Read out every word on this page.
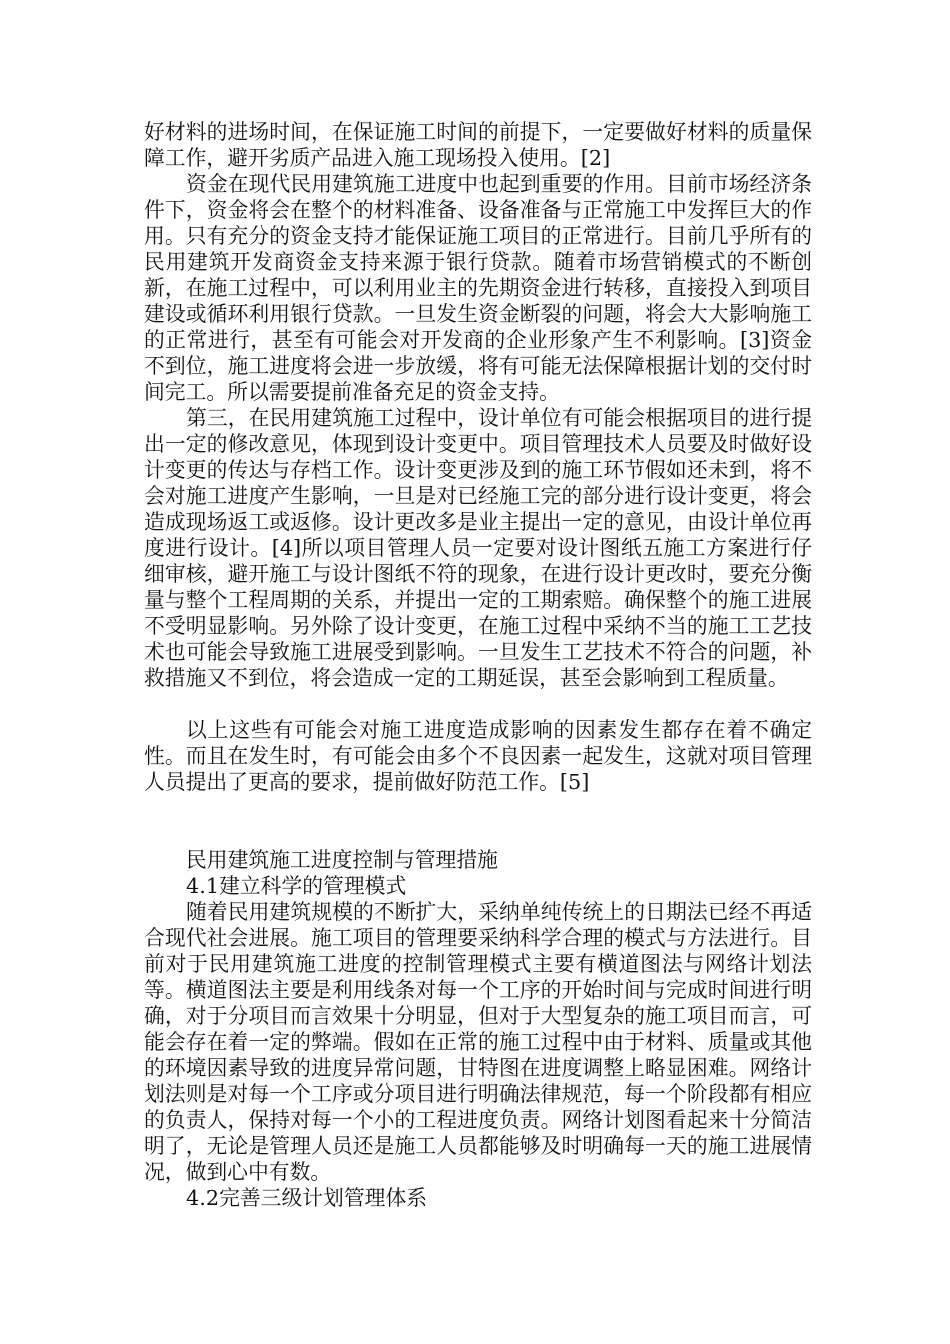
好材料的进场时间，在保证施工时间的前提下，一定要做好材料的质量保障工作，避开劣质产品进入施工现场投入使用。[2]

资金在现代民用建筑施工进度中也起到重要的作用。目前市场经济条件下，资金将会在整个的材料准备、设备准备与正常施工中发挥巨大的作用。只有充分的资金支持才能保证施工项目的正常进行。目前几乎所有的民用建筑开发商资金支持来源于银行贷款。随着市场营销模式的不断创新，在施工过程中，可以利用业主的先期资金进行转移，直接投入到项目建设或循环利用银行贷款。一旦发生资金断裂的问题，将会大大影响施工的正常进行，甚至有可能会对开发商的企业形象产生不利影响。[3]资金不到位，施工进度将会进一步放缓，将有可能无法保障根据计划的交付时间完工。所以需要提前准备充足的资金支持。

第三，在民用建筑施工过程中，设计单位有可能会根据项目的进行提出一定的修改意见，体现到设计变更中。项目管理技术人员要及时做好设计变更的传达与存档工作。设计变更涉及到的施工环节假如还未到，将不会对施工进度产生影响，一旦是对已经施工完的部分进行设计变更，将会造成现场返工或返修。设计更改多是业主提出一定的意见，由设计单位再度进行设计。[4]所以项目管理人员一定要对设计图纸五施工方案进行仔细审核，避开施工与设计图纸不符的现象，在进行设计更改时，要充分衡量与整个工程周期的关系，并提出一定的工期索赔。确保整个的施工进展不受明显影响。另外除了设计变更，在施工过程中采纳不当的施工工艺技术也可能会导致施工进展受到影响。一旦发生工艺技术不符合的问题，补救措施又不到位，将会造成一定的工期延误，甚至会影响到工程质量。

以上这些有可能会对施工进度造成影响的因素发生都存在着不确定性。而且在发生时，有可能会由多个不良因素一起发生，这就对项目管理人员提出了更高的要求，提前做好防范工作。[5]

民用建筑施工进度控制与管理措施

4.1建立科学的管理模式

随着民用建筑规模的不断扩大，采纳单纯传统上的日期法已经不再适合现代社会进展。施工项目的管理要采纳科学合理的模式与方法进行。目前对于民用建筑施工进度的控制管理模式主要有横道图法与网络计划法等。横道图法主要是利用线条对每一个工序的开始时间与完成时间进行明确，对于分项目而言效果十分明显，但对于大型复杂的施工项目而言，可能会存在着一定的弊端。假如在正常的施工过程中由于材料、质量或其他的环境因素导致的进度异常问题，甘特图在进度调整上略显困难。网络计划法则是对每一个工序或分项目进行明确法律规范，每一个阶段都有相应的负责人，保持对每一个小的工程进度负责。网络计划图看起来十分简洁明了，无论是管理人员还是施工人员都能够及时明确每一天的施工进展情况，做到心中有数。

4.2完善三级计划管理体系
